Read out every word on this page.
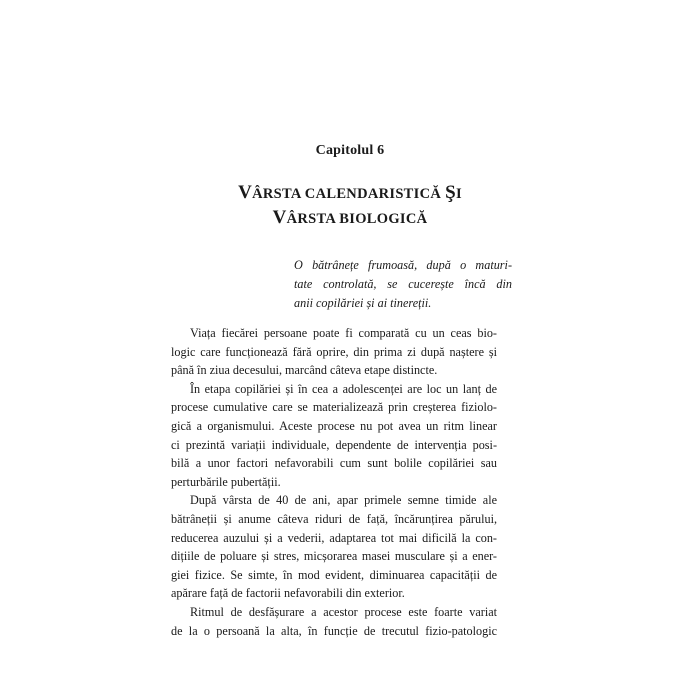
Capitolul 6
VÂRSTA CALENDARISTICĂ ŞI
VÂRSTA BIOLOGICĂ
O bătrânețe frumoasă, după o maturi-
tate controlată, se cucerește încă din
anii copilăriei și ai tinereții.
Viața fiecărei persoane poate fi comparată cu un ceas bio-
logic care funcționează fără oprire, din prima zi după naștere și
până în ziua decesului, marcând câteva etape distincte.
În etapa copilăriei și în cea a adolescenței are loc un lanț de
procese cumulative care se materializează prin creșterea fiziolo-
gică a organismului. Aceste procese nu pot avea un ritm linear
ci prezintă variații individuale, dependente de intervenția posi-
bilă a unor factori nefavorabili cum sunt bolile copilăriei sau
perturbările pubertății.
După vârsta de 40 de ani, apar primele semne timide ale
bătrâneții și anume câteva riduri de față, încărunțirea părului,
reducerea auzului și a vederii, adaptarea tot mai dificilă la con-
dițiile de poluare și stres, micșorarea masei musculare și a ener-
giei fizice. Se simte, în mod evident, diminuarea capacității de
apărare față de factorii nefavorabili din exterior.
Ritmul de desfășurare a acestor procese este foarte variat
de la o persoană la alta, în funcție de trecutul fizio-patologic
